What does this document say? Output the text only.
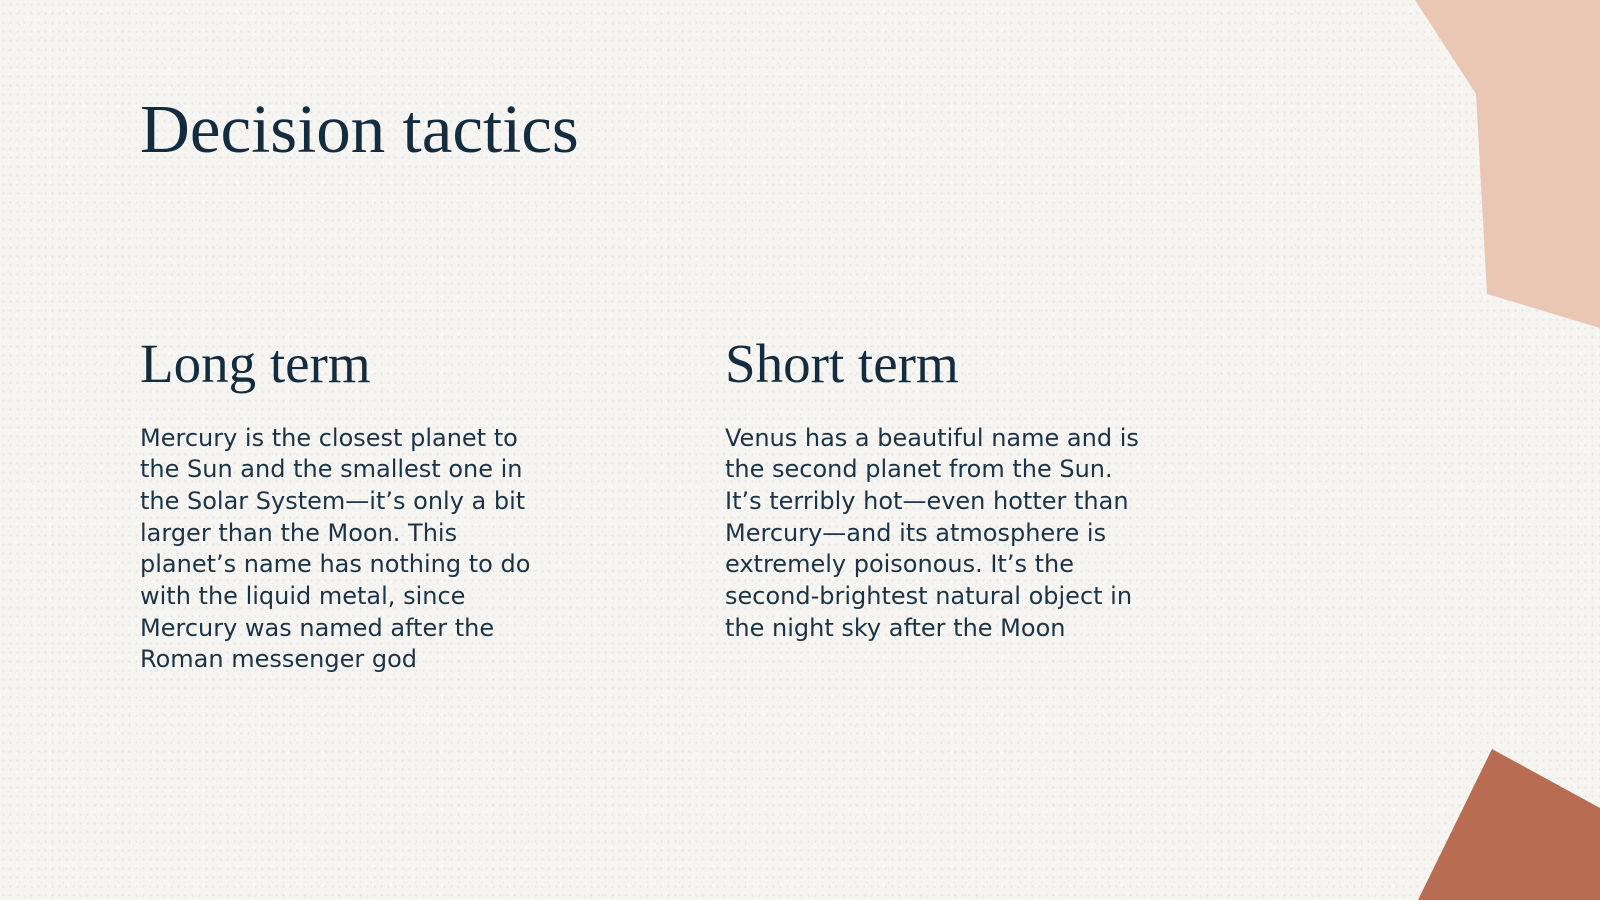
Decision tactics
Long term

Mercury is the closest planet to the Sun and the smallest one in the Solar System—it’s only a bit larger than the Moon. This planet’s name has nothing to do with the liquid metal, since Mercury was named after the Roman messenger god

Short term

Venus has a beautiful name and is the second planet from the Sun. It’s terribly hot—even hotter than Mercury—and its atmosphere is extremely poisonous. It’s the second-brightest natural object in the night sky after the Moon
